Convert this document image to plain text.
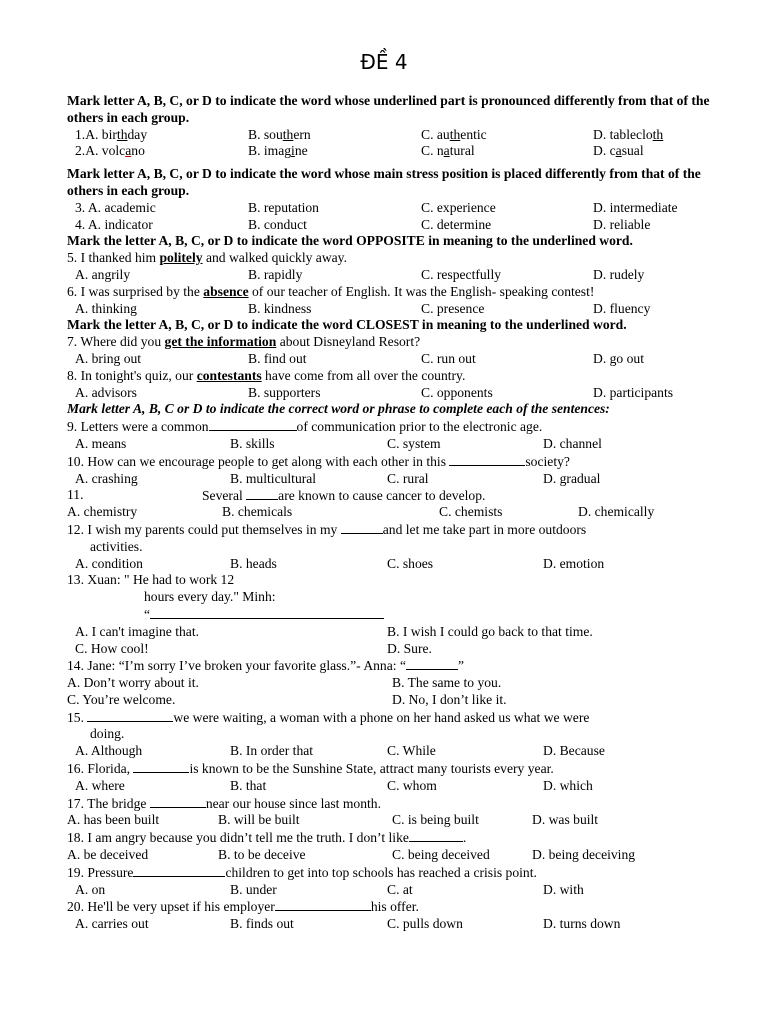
ĐỀ 4
Mark letter A, B, C, or D to indicate the word whose underlined part is pronounced differently from that of the others in each group.
1.A. birthday	B. southern	C. authentic	D. tablecloth
2.A. volcano	B. imagine	C. natural	D. casual
Mark letter A, B, C, or D to indicate the word whose main stress position is placed differently from that of the others in each group.
3. A. academic	B. reputation	C. experience	D. intermediate
4. A. indicator	B. conduct	C. determine	D. reliable
Mark the letter A, B, C, or D to indicate the word OPPOSITE in meaning to the underlined word.
5. I thanked him politely and walked quickly away.
A. angrily	B. rapidly	C. respectfully	D. rudely
6. I was surprised by the absence of our teacher of English. It was the English- speaking contest!
A. thinking	B. kindness	C. presence	D. fluency
Mark the letter A, B, C, or D to indicate the word CLOSEST in meaning to the underlined word.
7. Where did you get the information about Disneyland Resort?
A. bring out	B. find out	C. run out	D. go out
8. In tonight's quiz, our contestants have come from all over the country.
A. advisors	B. supporters	C. opponents	D. participants
Mark letter A, B, C or D to indicate the correct word or phrase to complete each of the sentences:
9. Letters were a common	of communication prior to the electronic age.
A. means	B. skills	C. system	D. channel
10. How can we encourage people to get along with each other in this	society?
A. crashing	B. multicultural	C. rural	D. gradual
11.	Several are known to cause cancer to develop.
A. chemistry	B. chemicals	C. chemists	D. chemically
12. I wish my parents could put themselves in my	and let me take part in more outdoors
activities.
A. condition	B. heads	C. shoes	D. emotion
13. Xuan: " He had to work 12
hours every day." Minh:
“
A. I can't imagine that.	B. I wish I could go back to that time.
C. How cool!	D. Sure.
14. Jane: “I’m sorry I’ve broken your favorite glass.”- Anna: “	”
A. Don’t worry about it.	B. The same to you.
C. You’re welcome.	D. No, I don’t like it.
15.	we were waiting, a woman with a phone on her hand asked us what we were
doing.
A. Although	B. In order that	C. While	D. Because
16. Florida,	is known to be the Sunshine State, attract many tourists every year.
A. where	B. that	C. whom	D. which
17. The bridge	near our house since last month.
A. has been built	B. will be built	C. is being built	D. was built
18. I am angry because you didn’t tell me the truth. I don’t like	.
A. be deceived	B. to be deceive	C. being deceived	D. being deceiving
19. Pressure	children to get into top schools has reached a crisis point.
A. on	B. under	C. at	D. with
20. He'll be very upset if his employer	his offer.
A. carries out	B. finds out	C. pulls down	D. turns down
